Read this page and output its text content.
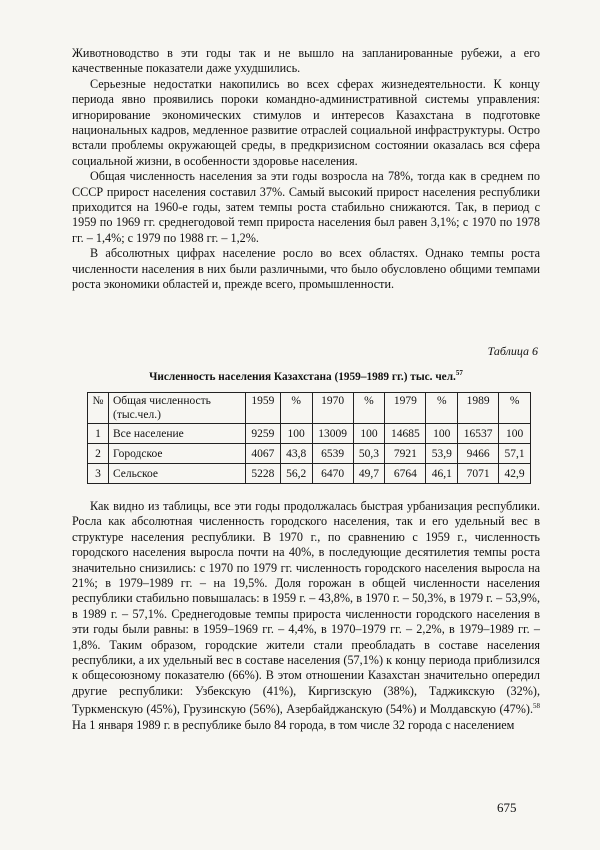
Животноводство в эти годы так и не вышло на запланированные рубежи, а его качественные показатели даже ухудшились.

Серьезные недостатки накопились во всех сферах жизнедеятельности. К концу периода явно проявились пороки командно-административной системы управления: игнорирование экономических стимулов и интересов Казахстана в подготовке национальных кадров, медленное развитие отраслей социальной инфраструктуры. Остро встали проблемы окружающей среды, в предкризисном состоянии оказалась вся сфера социальной жизни, в особенности здоровье населения.

Общая численность населения за эти годы возросла на 78%, тогда как в среднем по СССР прирост населения составил 37%. Самый высокий прирост населения республики приходится на 1960-е годы, затем темпы роста стабильно снижаются. Так, в период с 1959 по 1969 гг. среднегодовой темп прироста населения был равен 3,1%; с 1970 по 1978 гг. – 1,4%; с 1979 по 1988 гг. – 1,2%.

В абсолютных цифрах население росло во всех областях. Однако темпы роста численности населения в них были различными, что было обусловлено общими темпами роста экономики областей и, прежде всего, промышленности.

Таблица 6
Численность населения Казахстана (1959–1989 гг.) тыс. чел.$^{57}$
№	Общая численность (тыс.чел.)	1959	%	1970	%	1979	%	1989	%
1	Все население	9259	100	13009	100	14685	100	16537	100
2	Городское	4067	43,8	6539	50,3	7921	53,9	9466	57,1
3	Сельское	5228	56,2	6470	49,7	6764	46,1	7071	42,9

Как видно из таблицы, все эти годы продолжалась быстрая урбанизация республики. Росла как абсолютная численность городского населения, так и его удельный вес в структуре населения республики. В 1970 г., по сравнению с 1959 г., численность городского населения выросла почти на 40%, в последующие десятилетия темпы роста значительно снизились: с 1970 по 1979 гг. численность городского населения выросла на 21%; в 1979–1989 гг. – на 19,5%. Доля горожан в общей численности населения республики стабильно повышалась: в 1959 г. – 43,8%, в 1970 г. – 50,3%, в 1979 г. – 53,9%, в 1989 г. – 57,1%. Среднегодовые темпы прироста численности городского населения в эти годы были равны: в 1959–1969 гг. – 4,4%, в 1970–1979 гг. – 2,2%, в 1979–1989 гг. – 1,8%. Таким образом, городские жители стали преобладать в составе населения республики, а их удельный вес в составе населения (57,1%) к концу периода приблизился к общесоюзному показателю (66%). В этом отношении Казахстан значительно опередил другие республики: Узбекскую (41%), Киргизскую (38%), Таджикскую (32%), Туркменскую (45%), Грузинскую (56%), Азербайджанскую (54%) и Молдавскую (47%).$^{58}$ На 1 января 1989 г. в республике было 84 города, в том числе 32 города с населением

675
